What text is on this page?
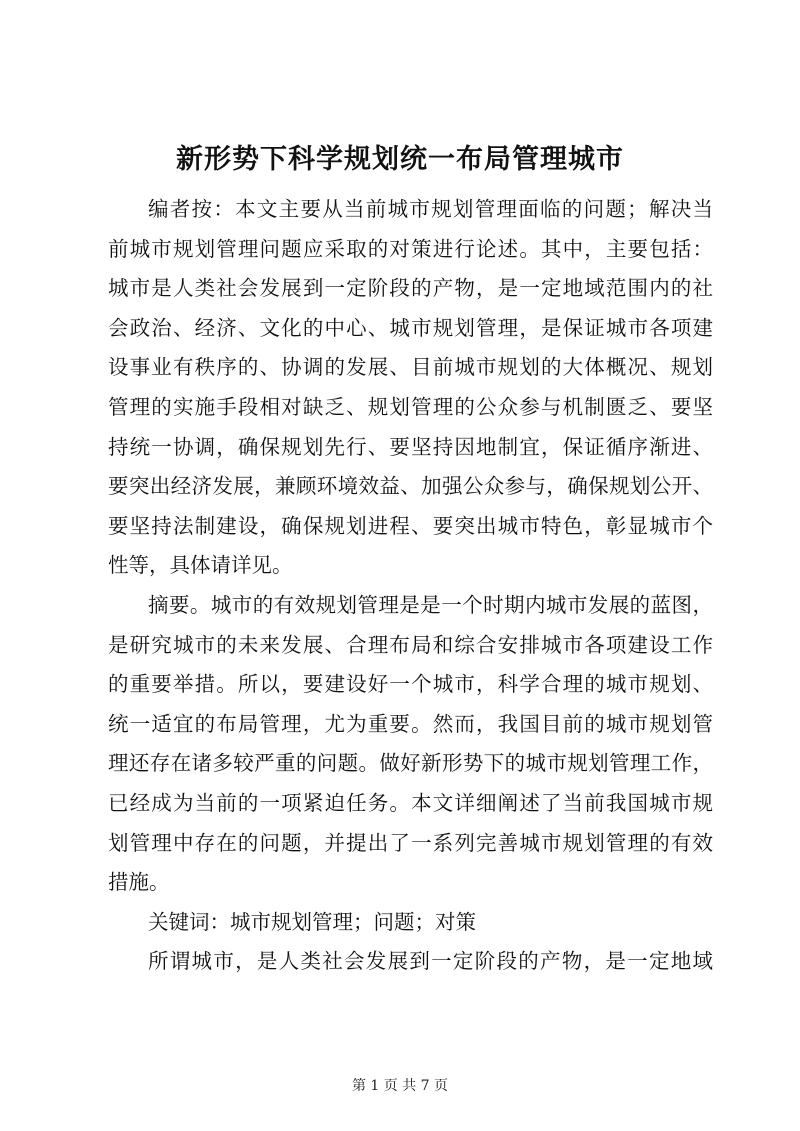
新形势下科学规划统一布局管理城市
编者按：本文主要从当前城市规划管理面临的问题；解决当
前城市规划管理问题应采取的对策进行论述。其中，主要包括：
城市是人类社会发展到一定阶段的产物，是一定地域范围内的社
会政治、经济、文化的中心、城市规划管理，是保证城市各项建
设事业有秩序的、协调的发展、目前城市规划的大体概况、规划
管理的实施手段相对缺乏、规划管理的公众参与机制匮乏、要坚
持统一协调，确保规划先行、要坚持因地制宜，保证循序渐进、
要突出经济发展，兼顾环境效益、加强公众参与，确保规划公开、
要坚持法制建设，确保规划进程、要突出城市特色，彰显城市个
性等，具体请详见。
摘要。城市的有效规划管理是是一个时期内城市发展的蓝图，
是研究城市的未来发展、合理布局和综合安排城市各项建设工作
的重要举措。所以，要建设好一个城市，科学合理的城市规划、
统一适宜的布局管理，尤为重要。然而，我国目前的城市规划管
理还存在诸多较严重的问题。做好新形势下的城市规划管理工作，
已经成为当前的一项紧迫任务。本文详细阐述了当前我国城市规
划管理中存在的问题，并提出了一系列完善城市规划管理的有效
措施。
关键词：城市规划管理；问题；对策
所谓城市，是人类社会发展到一定阶段的产物，是一定地域
第 1 页 共 7 页
